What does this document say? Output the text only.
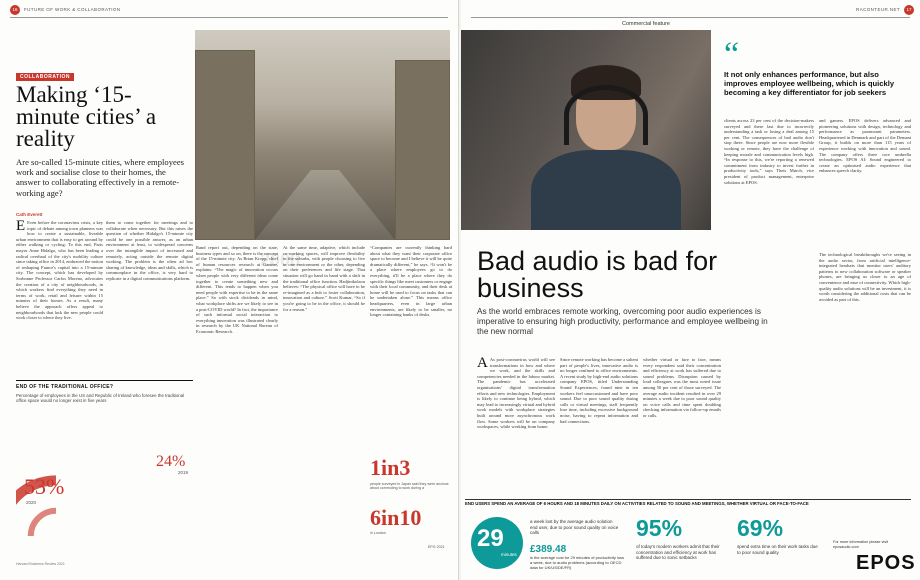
16	FUTURE OF WORK & COLLABORATION
COLLABORATION
Making ‘15-minute cities’ a reality
Are so-called 15-minute cities, where employees work and socialise close to their homes, the answer to collaborating effectively in a remote-working age?
Cath Everett
E Even before the coronavirus crisis, a key topic of debate among town planners was how to create a sustainable, liveable urban environment that is easy to get around by either walking or cycling. To this end, Paris mayor Anne Hidalgo, who has been leading a radical overhaul of the city's mobility culture since taking office in 2014, embraced the notion of reshaping France's capital into a 15-minute city. The concept, which has developed by Sorbonne Professor Carlos Moreno, advocates the creation of a city of neighbourhoods, in which workers find everything they need in terms of work, retail and leisure within 15 minutes of their homes. As a result, many believe the approach offers appeal to neighbourhoods that lack the new people could work closer to where they live.
them to come together for meetings and to collaborate when necessary. But this raises the question of whether Hidalgo's 15-minute city could be one possible answer, as an urban environment at least, to widespread concerns over the intangible impact of increased and remotely, acting outside the remote digital working. The problem is the often ad hoc sharing of knowledge, ideas and skills, which is commonplace in the office, is very hard to replicate in a digital communications platform.
2008
Rand report out, depending on the state, business types and so on, there is the concept of the 15-minute city. As Brian Kropp, chief of human resources research at Gartner, explains: “The magic of innovation occurs when people with very different ideas come together to create something new and different. This tends to happen when you need people with expertise to be in the same place.” So with stock dividends in mind, what workplace shifts are we likely to see in a post-COVID world? In fact, the importance of such informal social interaction to everything innovation was illustrated clearly in research by the UK National Bureau of Economic Research.
At the same time, adaptive, which include co-working spaces, will improve flexibility in the suburbs, with people choosing to live in one environment or the other, depending on their preferences and life stage. That situation will go hand in hand with a shift in the traditional office function. Hadjinikolaou believes: “The physical office will have to be re-imagined as a hub to foster collaboration, innovation and culture.” Scott Kumar, “So if you're going to be in the office, it should be for a reason.”
“Companies are currently thinking hard about what they want their corporate office space to become and I believe it will be quite dramatically different,” he says. “It won't be a place where employees go to do everything, it'll be a place where they do specific things like meet customers or engage with their local community, and their desk at home will be used to focus on tasks that can be undertaken alone.” This means office headquarters, even in large urban environments, are likely to be smaller, no longer containing banks of desks.
1in3
people surveyed in Japan said they were anxious about commuting to work during a
6in10
in London
EPG 2021
END OF THE TRADITIONAL OFFICE?
Percentage of employees in the US and Republic of Ireland who foresee the traditional office space would no longer exist in five years
53%
2020
24%
2019
Harvard Business Review 2021
RACONTEUR.NET	17
Commercial feature
“
It not only enhances performance, but also improves employee wellbeing, which is quickly becoming a key differentiator for job seekers
clients across 23 per cent of the decision-makers surveyed and these last due to incorrectly understanding a task or losing a deal among 15 per cent. The consequences of bad audio don't stop there. Since people are now more flexible working or remote, they have the challenge of keeping morale and communication levels high. “In response to this, we're reporting a renewed commitment from industry to invest further in productivity tools,” says Theis Mørch, vice president of product management, enterprise solutions at EPOS.
and gamers. EPOS delivers advanced and pioneering solutions with design, technology and performance as paramount parameters. Headquartered in Denmark and part of the Demant Group, it builds on more than 115 years of experience working with innovation and sound. The company offers three core umbrella technologies. EPOS AI: Sound engineered to create an optimised audio experience that enhances speech clarity.
The technological breakthroughs we're seeing in the audio sector, from artificial intelligence-integrated headsets that monitor users' auditory patterns to new collaboration software or speaker phones, are bringing us closer to an age of convenience and ease of connectivity. Which high-quality audio solutions will be an investment, it is worth considering the additional costs that can be avoided as part of this.
Bad audio is bad for business
As the world embraces remote working, overcoming poor audio experiences is imperative to ensuring high productivity, performance and employee wellbeing in the new normal
A As post-coronavirus world will see transformations in how and where we work, and the skills and competencies needed in the labour market. The pandemic has accelerated organisations’ digital transformation efforts and new technologies. Employment is likely to continue being hybrid, which may lead to increasingly virtual and hybrid work models with workplace strategies built around more asynchronous work flow. Some workers will be on company workspaces, while working from home.
Since remote working has become a salient part of people's lives, innovative audio is no longer confined to office environments. A recent study by high-end audio solutions company EPOS, titled Understanding Sound Experiences, found nine in ten workers feel unaccustomed and have poor sound. Due to poor sound quality during calls or virtual meetings, staff frequently lose time, including excessive background noise, having to repeat information and bad connections.
whether virtual or face to face, means every respondent said their concentration and efficiency at work has suffered due to sound problems. Disruption caused by loud colleagues was the most noted issue among 50 per cent of those surveyed. The average audio incident resulted in over 29 minutes a week due to poor sound quality on voice calls and time spent doubling checking information via follow-up emails or calls.
END USERS SPEND AN AVERAGE OF 6 HOURS AND 18 MINUTES DAILY ON ACTIVITIES RELATED TO SOUND AND MEETINGS, WHETHER VIRTUAL OR FACE-TO-FACE
29
minutes
a week lost by the average audio solution end user, due to poor sound quality on voice calls
£389.48
is the average cost for 29 minutes of productivity loss a week, due to audio problems (according to OECD data for UK/US/DE/FR)
95%
of today's modern workers admit that their concentration and efficiency at work has suffered due to sonic setbacks
69%
spend extra time on their work tasks due to poor sound quality
For more information please visit eposaudio.com
EPOS
